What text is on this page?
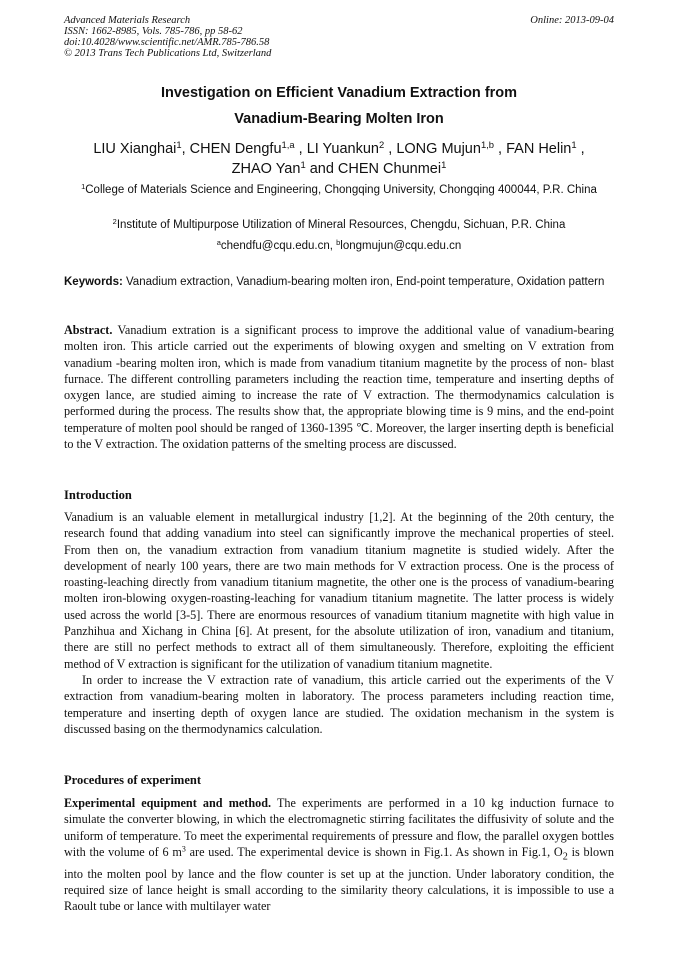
Advanced Materials Research
ISSN: 1662-8985, Vols. 785-786, pp 58-62
doi:10.4028/www.scientific.net/AMR.785-786.58
© 2013 Trans Tech Publications Ltd, Switzerland
Online: 2013-09-04
Investigation on Efficient Vanadium Extraction from
Vanadium-Bearing Molten Iron
LIU Xianghai$^1$, CHEN Dengfu$^{1,a}$ , LI Yuankun$^2$ , LONG Mujun$^{1,b}$ , FAN Helin$^1$ ,
ZHAO Yan$^1$ and CHEN Chunmei$^1$
$^1$College of Materials Science and Engineering, Chongqing University, Chongqing 400044, P.R. China
$^2$Institute of Multipurpose Utilization of Mineral Resources, Chengdu, Sichuan, P.R. China
$^a$chendfu@cqu.edu.cn, $^b$longmujun@cqu.edu.cn
Keywords: Vanadium extraction, Vanadium-bearing molten iron, End-point temperature, Oxidation pattern
Abstract. Vanadium extration is a significant process to improve the additional value of vanadium-bearing molten iron. This article carried out the experiments of blowing oxygen and smelting on V extration from vanadium -bearing molten iron, which is made from vanadium titanium magnetite by the process of non- blast furnace. The different controlling parameters including the reaction time, temperature and inserting depths of oxygen lance, are studied aiming to increase the rate of V extraction. The thermodynamics calculation is performed during the process. The results show that, the appropriate blowing time is 9 mins, and the end-point temperature of molten pool should be ranged of 1360-1395 ℃. Moreover, the larger inserting depth is beneficial to the V extraction. The oxidation patterns of the smelting process are discussed.
Introduction
Vanadium is an valuable element in metallurgical industry [1,2]. At the beginning of the 20th century, the research found that adding vanadium into steel can significantly improve the mechanical properties of steel. From then on, the vanadium extraction from vanadium titanium magnetite is studied widely. After the development of nearly 100 years, there are two main methods for V extraction process. One is the process of roasting-leaching directly from vanadium titanium magnetite, the other one is the process of vanadium-bearing molten iron-blowing oxygen-roasting-leaching for vanadium titanium magnetite. The latter process is widely used across the world [3-5]. There are enormous resources of vanadium titanium magnetite with high value in Panzhihua and Xichang in China [6]. At present, for the absolute utilization of iron, vanadium and titanium, there are still no perfect methods to extract all of them simultaneously. Therefore, exploiting the efficient method of V extraction is significant for the utilization of vanadium titanium magnetite.
In order to increase the V extraction rate of vanadium, this article carried out the experiments of the V extraction from vanadium-bearing molten in laboratory. The process parameters including reaction time, temperature and inserting depth of oxygen lance are studied. The oxidation mechanism in the system is discussed basing on the thermodynamics calculation.
Procedures of experiment
Experimental equipment and method. The experiments are performed in a 10 kg induction furnace to simulate the converter blowing, in which the electromagnetic stirring facilitates the diffusivity of solute and the uniform of temperature. To meet the experimental requirements of pressure and flow, the parallel oxygen bottles with the volume of 6 $m^3$ are used. The experimental device is shown in Fig.1. As shown in Fig.1, $O_2$ is blown into the molten pool by lance and the flow counter is set up at the junction. Under laboratory condition, the required size of lance height is small according to the similarity theory calculations, it is impossible to use a Raoult tube or lance with multilayer water
